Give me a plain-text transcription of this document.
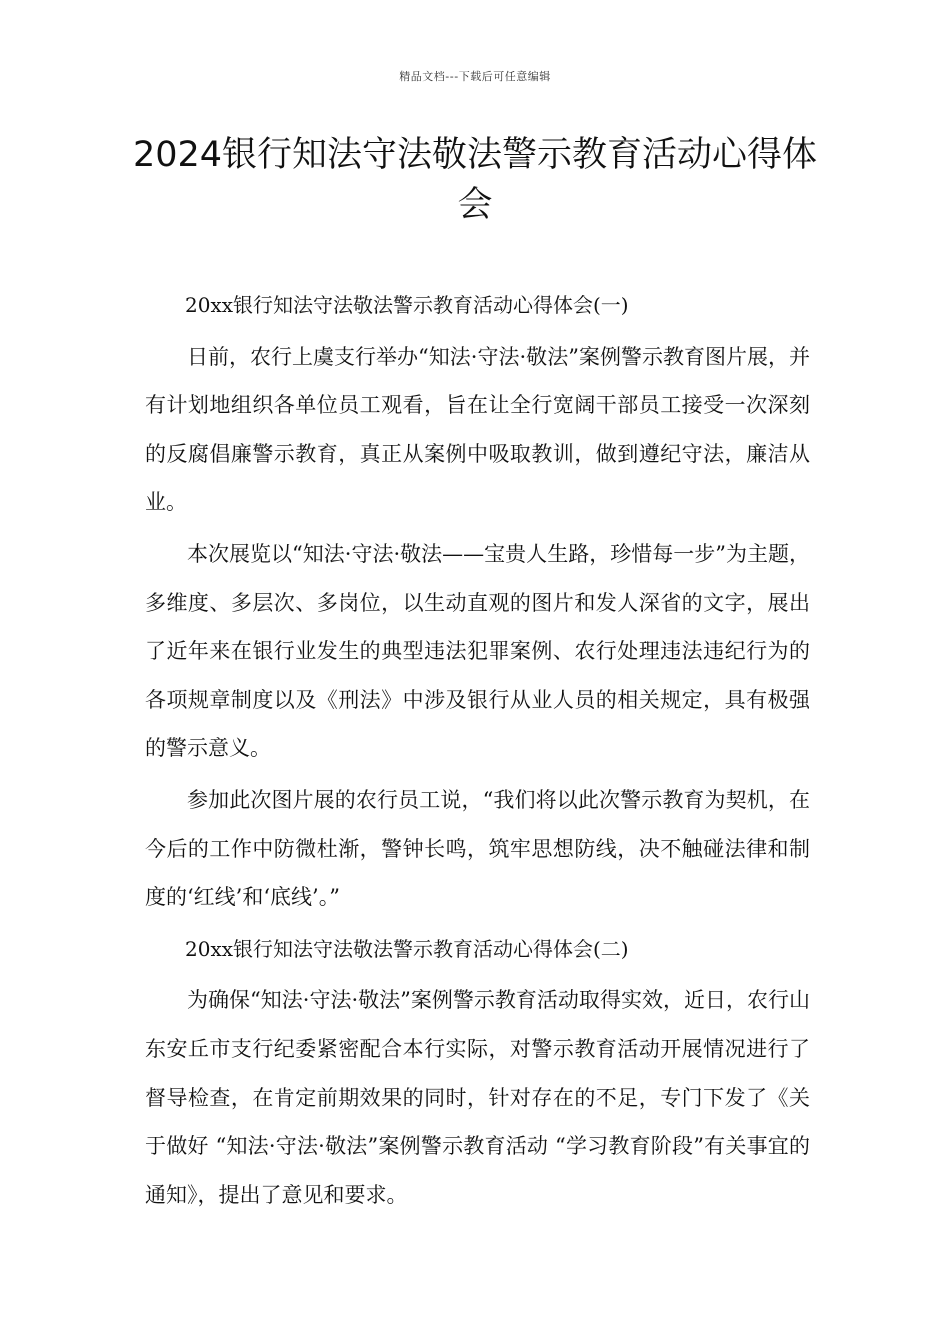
精品文档---下载后可任意编辑
2024银行知法守法敬法警示教育活动心得体会

20xx银行知法守法敬法警示教育活动心得体会(一)

日前，农行上虞支行举办“知法·守法·敬法”案例警示教育图片展，并有计划地组织各单位员工观看，旨在让全行宽阔干部员工接受一次深刻的反腐倡廉警示教育，真正从案例中吸取教训，做到遵纪守法，廉洁从业。

本次展览以“知法·守法·敬法——宝贵人生路，珍惜每一步”为主题，多维度、多层次、多岗位，以生动直观的图片和发人深省的文字，展出了近年来在银行业发生的典型违法犯罪案例、农行处理违法违纪行为的各项规章制度以及《刑法》中涉及银行从业人员的相关规定，具有极强的警示意义。

参加此次图片展的农行员工说，“我们将以此次警示教育为契机，在今后的工作中防微杜渐，警钟长鸣，筑牢思想防线，决不触碰法律和制度的‘红线’和‘底线’。”

20xx银行知法守法敬法警示教育活动心得体会(二)

为确保“知法·守法·敬法”案例警示教育活动取得实效，近日，农行山东安丘市支行纪委紧密配合本行实际，对警示教育活动开展情况进行了督导检查，在肯定前期效果的同时，针对存在的不足，专门下发了《关于做好 “知法·守法·敬法”案例警示教育活动 “学习教育阶段”有关事宜的通知》，提出了意见和要求。
